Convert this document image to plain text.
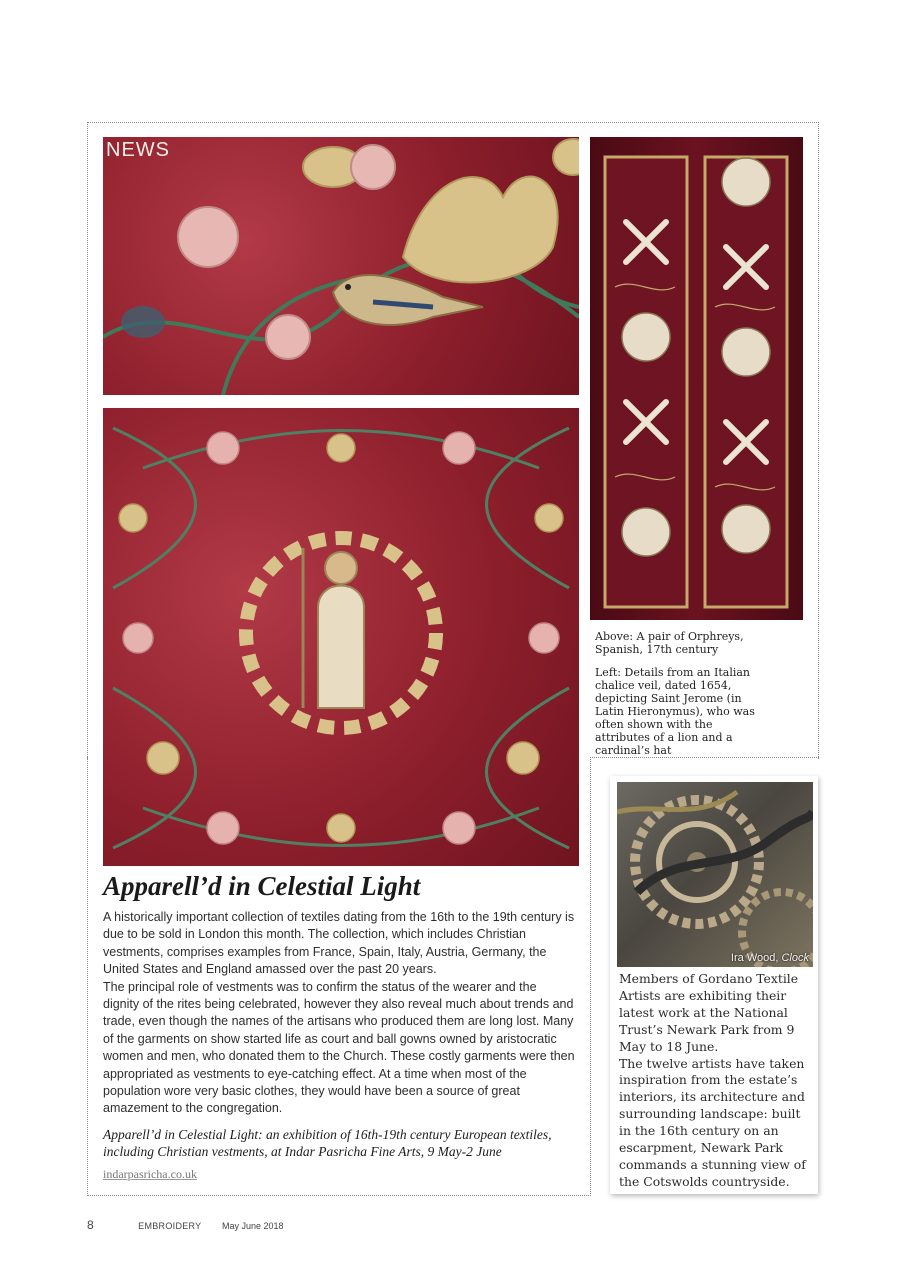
NEWS
Above: A pair of Orphreys, Spanish, 17th century
Left: Details from an Italian chalice veil, dated 1654, depicting Saint Jerome (in Latin Hieronymus), who was often shown with the attributes of a lion and a cardinal’s hat
Apparell’d in Celestial Light

A historically important collection of textiles dating from the 16th to the 19th century is due to be sold in London this month. The collection, which includes Christian vestments, comprises examples from France, Spain, Italy, Austria, Germany, the United States and England amassed over the past 20 years.

The principal role of vestments was to confirm the status of the wearer and the dignity of the rites being celebrated, however they also reveal much about trends and trade, even though the names of the artisans who produced them are long lost. Many of the garments on show started life as court and ball gowns owned by aristocratic women and men, who donated them to the Church. These costly garments were then appropriated as vestments to eye-catching effect. At a time when most of the population wore very basic clothes, they would have been a source of great amazement to the congregation.

Apparell’d in Celestial Light: an exhibition of 16th-19th century European textiles, including Christian vestments, at Indar Pasricha Fine Arts, 9 May-2 June

indarpasricha.co.uk
Ira Wood, Clock
Members of Gordano Textile Artists are exhibiting their latest work at the National Trust’s Newark Park from 9 May to 18 June.
The twelve artists have taken inspiration from the estate’s interiors, its architecture and surrounding landscape: built in the 16th century on an escarpment, Newark Park commands a stunning view of the Cotswolds countryside.
8	EMBROIDERY May June 2018
